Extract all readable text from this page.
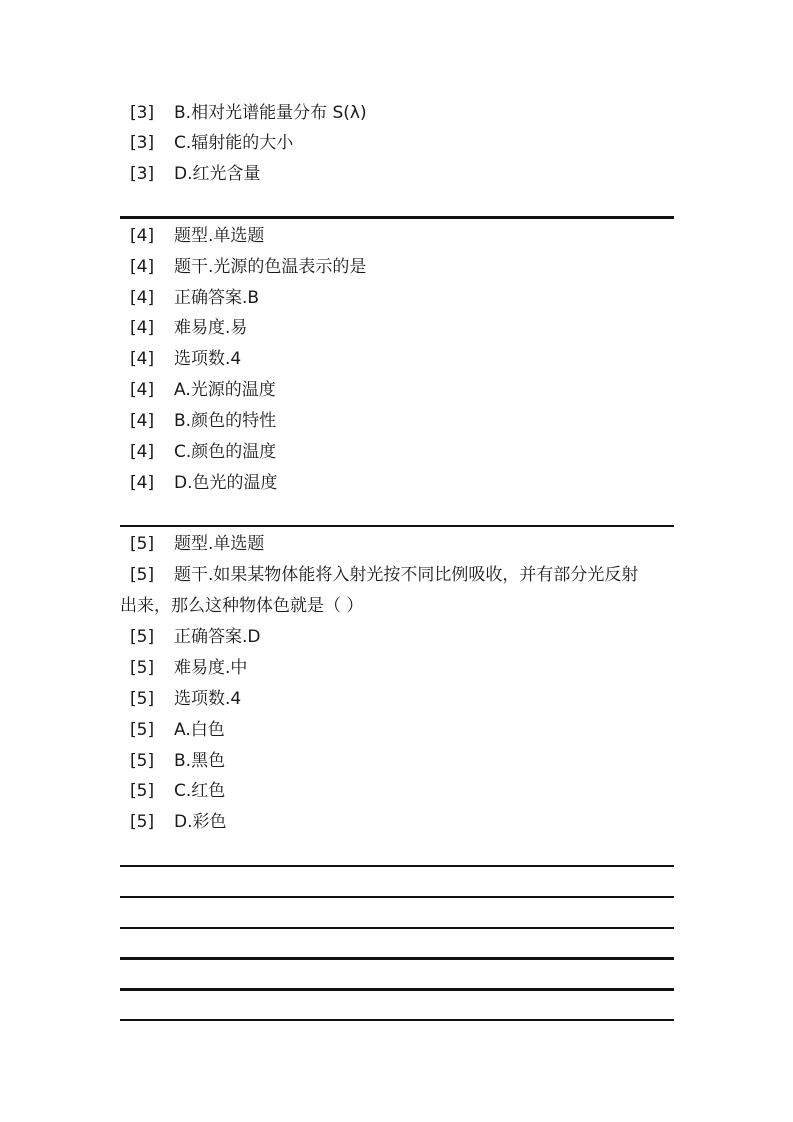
[3] B.相对光谱能量分布 S(λ)
[3] C.辐射能的大小
[3] D.红光含量
[4] 题型.单选题
[4] 题干.光源的色温表示的是
[4] 正确答案.B
[4] 难易度.易
[4] 选项数.4
[4] A.光源的温度
[4] B.颜色的特性
[4] C.颜色的温度
[4] D.色光的温度
[5] 题型.单选题
[5] 题干.如果某物体能将入射光按不同比例吸收，并有部分光反射
出来，那么这种物体色就是（ ）
[5] 正确答案.D
[5] 难易度.中
[5] 选项数.4
[5] A.白色
[5] B.黑色
[5] C.红色
[5] D.彩色
